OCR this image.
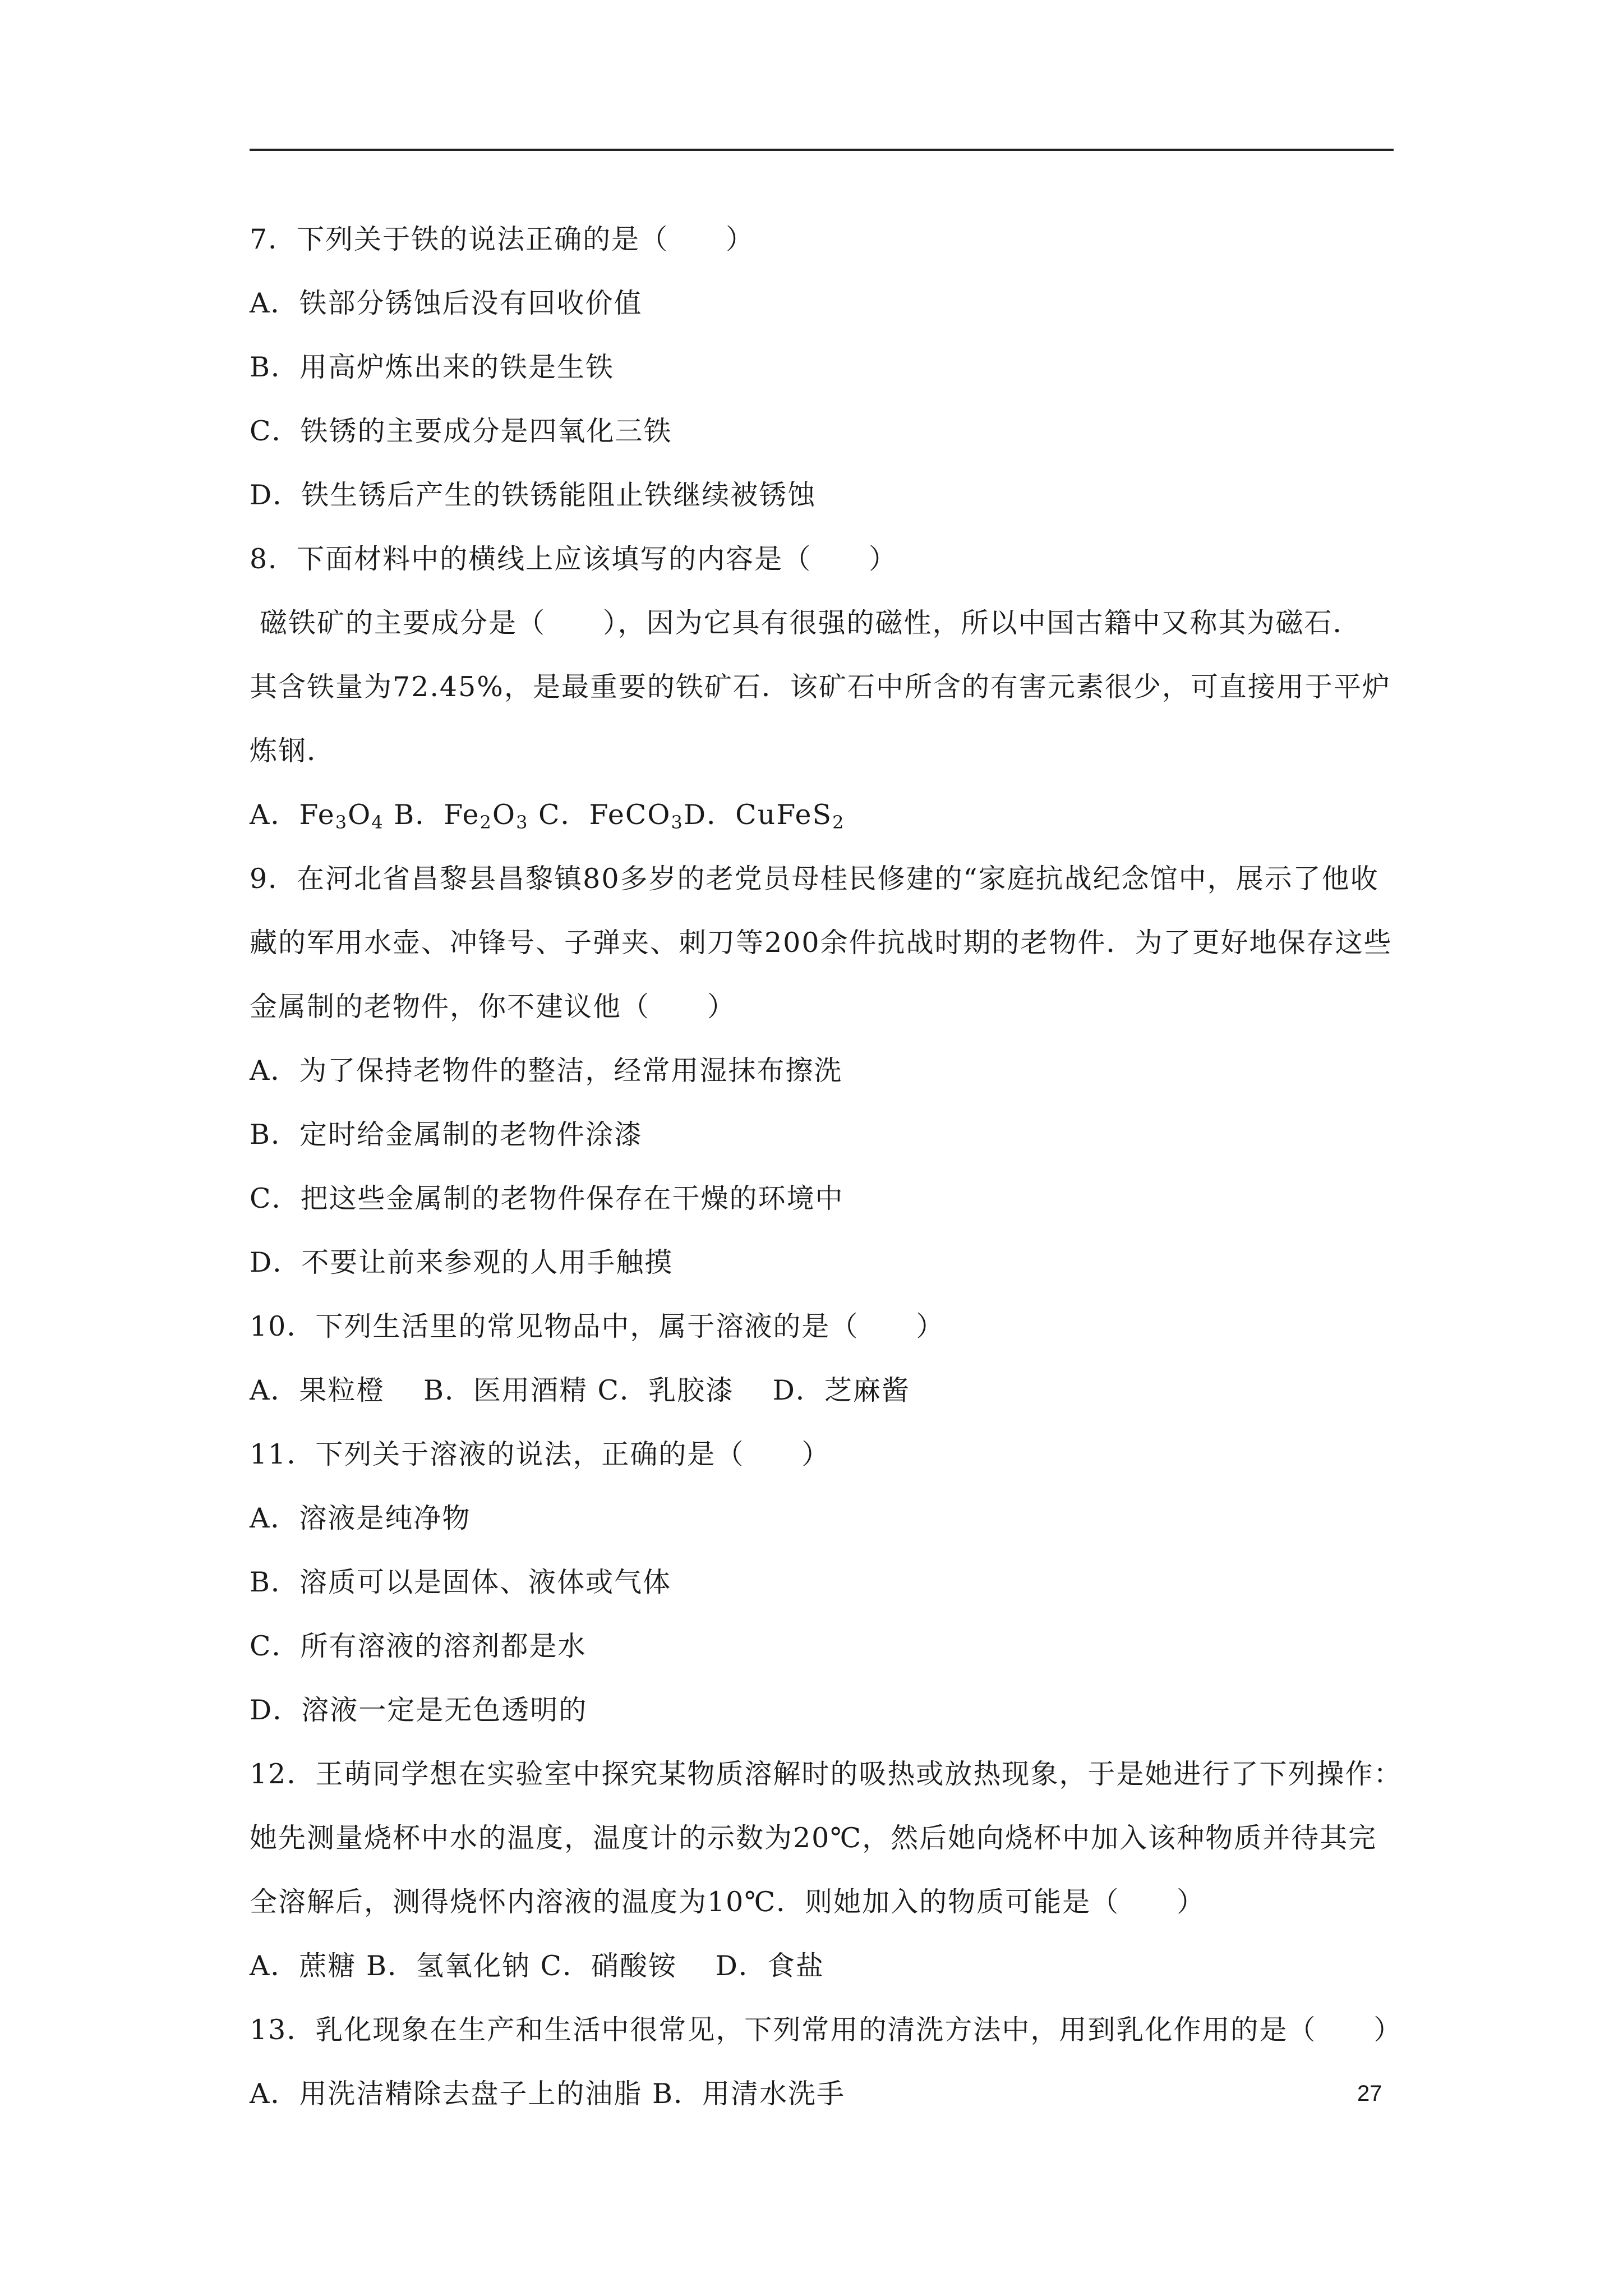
7．下列关于铁的说法正确的是（　　）
A．铁部分锈蚀后没有回收价值
B．用高炉炼出来的铁是生铁
C．铁锈的主要成分是四氧化三铁
D．铁生锈后产生的铁锈能阻止铁继续被锈蚀
8．下面材料中的横线上应该填写的内容是（　　）
磁铁矿的主要成分是（　　），因为它具有很强的磁性，所以中国古籍中又称其为磁石．
其含铁量为72.45%，是最重要的铁矿石．该矿石中所含的有害元素很少，可直接用于平炉
炼钢．
A．$Fe_3O_4$ B．$Fe_2O_3$ C．FeCO$_3$D．CuFeS$_2$
9．在河北省昌黎县昌黎镇80多岁的老党员母桂民修建的“家庭抗战纪念馆中，展示了他收
藏的军用水壶、冲锋号、子弹夹、刺刀等200余件抗战时期的老物件．为了更好地保存这些
金属制的老物件，你不建议他（　　）
A．为了保持老物件的整洁，经常用湿抹布擦洗
B．定时给金属制的老物件涂漆
C．把这些金属制的老物件保存在干燥的环境中
D．不要让前来参观的人用手触摸
10．下列生活里的常见物品中，属于溶液的是（　　）
A．果粒橙　 B．医用酒精 C．乳胶漆　 D．芝麻酱
11．下列关于溶液的说法，正确的是（　　）
A．溶液是纯净物
B．溶质可以是固体、液体或气体
C．所有溶液的溶剂都是水
D．溶液一定是无色透明的
12．王萌同学想在实验室中探究某物质溶解时的吸热或放热现象，于是她进行了下列操作：
她先测量烧杯中水的温度，温度计的示数为20℃，然后她向烧杯中加入该种物质并待其完
全溶解后，测得烧怀内溶液的温度为10℃．则她加入的物质可能是（　　）
A．蔗糖 B．氢氧化钠 C．硝酸铵　 D．食盐
13．乳化现象在生产和生活中很常见，下列常用的清洗方法中，用到乳化作用的是（　　）
A．用洗洁精除去盘子上的油脂 B．用清水洗手	27
